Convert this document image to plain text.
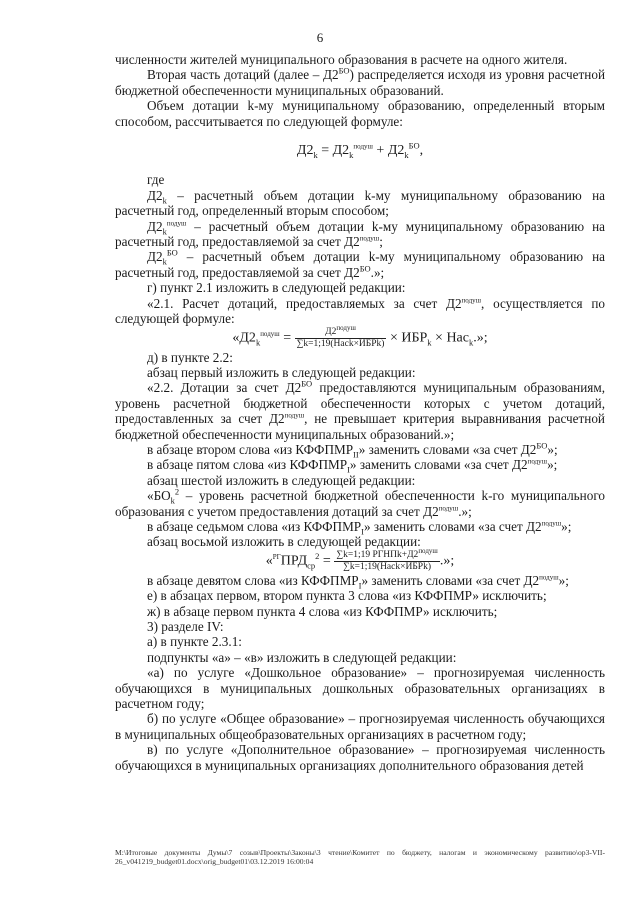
6

численности жителей муниципального образования в расчете на одного жителя.

Вторая часть дотаций (далее – $Д2^{БО}$) распределяется исходя из уровня расчетной бюджетной обеспеченности муниципальных образований.

Объем дотации k-му муниципальному образованию, определенный вторым способом, рассчитывается по следующей формуле:

$Д2_k = Д2_k^{подуш} + Д2_k^{БО}$,

где

$Д2_k$ – расчетный объем дотации k-му муниципальному образованию на расчетный год, определенный вторым способом;

$Д2_k^{подуш}$ – расчетный объем дотации k-му муниципальному образованию на расчетный год, предоставляемой за счет $Д2^{подуш}$;

$Д2_k^{БО}$ – расчетный объем дотации k-му муниципальному образованию на расчетный год, предоставляемой за счет $Д2^{БО}$.»;

г) пункт 2.1 изложить в следующей редакции:

«2.1. Расчет дотаций, предоставляемых за счет $Д2^{подуш}$, осуществляется по следующей формуле:

«$Д2_k^{подуш} = \frac{Д2^{подуш}}{\text{∑k=1;19(Насk×ИБРk)}} \times ИБР_k \times Нас_k$.»;

д) в пункте 2.2:

абзац первый изложить в следующей редакции:

«2.2. Дотации за счет $Д2^{БО}$ предоставляются муниципальным образованиям, уровень расчетной бюджетной обеспеченности которых с учетом дотаций, предоставленных за счет $Д2^{подуш}$, не превышает критерия выравнивания расчетной бюджетной обеспеченности муниципальных образований.»;

в абзаце втором слова «из $КФФПМР_{II}$» заменить словами «за счет $Д2^{БО}$»;

в абзаце пятом слова «из $КФФПМР_I$» заменить словами «за счет $Д2^{подуш}$»;

абзац шестой изложить в следующей редакции:

«$БО_k^2$ – уровень расчетной бюджетной обеспеченности k-го муниципального образования с учетом предоставления дотаций за счет $Д2^{подуш}$.»;

в абзаце седьмом слова «из $КФФПМР_I$» заменить словами «за счет $Д2^{подуш}$»;

абзац восьмой изложить в следующей редакции:

«$^{РГ}ПРД_{ср}^2 = \frac{\sum k=1;19 РГНПk+Д2^{подуш}}{\text{∑k=1;19(Насk×ИБРk)}}$ .»;

в абзаце девятом слова «из $КФФПМР_I$» заменить словами «за счет $Д2^{подуш}$»;

е) в абзацах первом, втором пункта 3 слова «из КФФПМР» исключить;

ж) в абзаце первом пункта 4 слова «из КФФПМР» исключить;

3) разделе IV:

а) в пункте 2.3.1:

подпункты «а» – «в» изложить в следующей редакции:

«а) по услуге «Дошкольное образование» – прогнозируемая численность обучающихся в муниципальных дошкольных образовательных организациях в расчетном году;

б) по услуге «Общее образование» – прогнозируемая численность обучающихся в муниципальных общеобразовательных организациях в расчетном году;

в) по услуге «Дополнительное образование» – прогнозируемая численность обучающихся в муниципальных организациях дополнительного образования детей

M:\Итоговые документы Думы\7 созыв\Проекты\Законы\3 чтение\Комитет по бюджету, налогам и экономическому развитию\ор3-VII-26_v041219_budget01.docx\orig_budget01\03.12.2019 16:00:04
